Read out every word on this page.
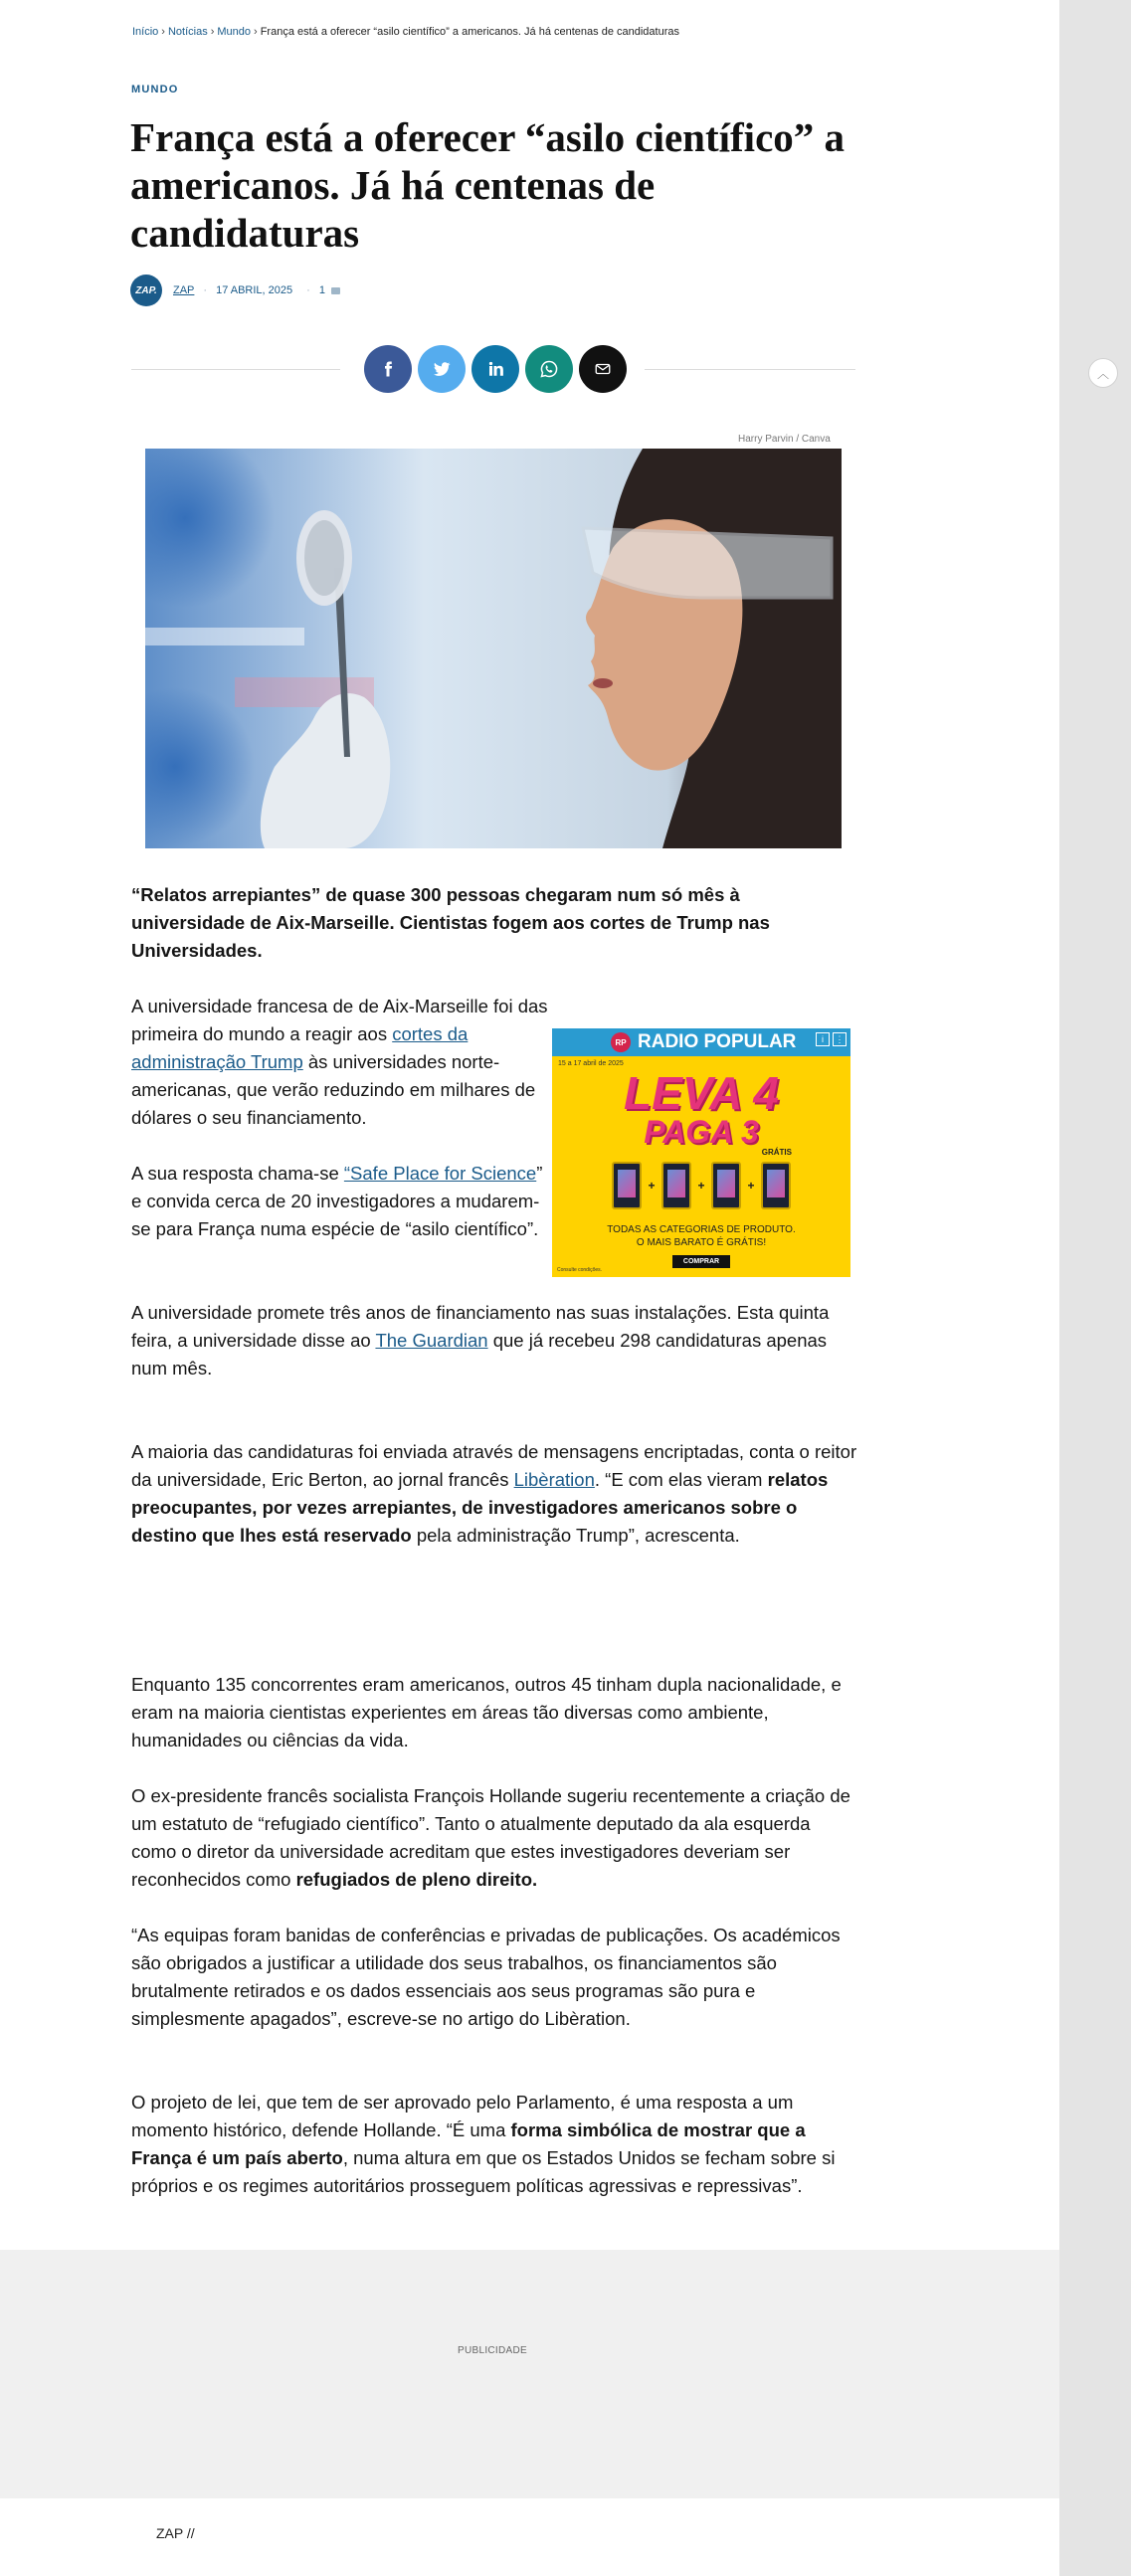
Início › Notícias › Mundo › França está a oferecer “asilo científico” a americanos. Já há centenas de candidaturas
MUNDO
França está a oferecer “asilo científico” a americanos. Já há centenas de candidaturas
ZAP.	ZAP · 17 ABRIL, 2025 · 1
Harry Parvin / Canva

“Relatos arrepiantes” de quase 300 pessoas chegaram num só mês à universidade de Aix-Marseille. Cientistas fogem aos cortes de Trump nas Universidades.

A universidade francesa de de Aix-Marseille foi das primeira do mundo a reagir aos cortes da administração Trump às universidades norte-americanas, que verão reduzindo em milhares de dólares o seu financiamento.

A sua resposta chama-se “Safe Place for Science” e convida cerca de 20 investigadores a mudarem-se para França numa espécie de “asilo científico”.

A universidade promete três anos de financiamento nas suas instalações. Esta quinta feira, a universidade disse ao The Guardian que já recebeu 298 candidaturas apenas num mês.

A maioria das candidaturas foi enviada através de mensagens encriptadas, conta o reitor da universidade, Eric Berton, ao jornal francês Libèration. “E com elas vieram relatos preocupantes, por vezes arrepiantes, de investigadores americanos sobre o destino que lhes está reservado pela administração Trump”, acrescenta.

Enquanto 135 concorrentes eram americanos, outros 45 tinham dupla nacionalidade, e eram na maioria cientistas experientes em áreas tão diversas como ambiente, humanidades ou ciências da vida.

O ex-presidente francês socialista François Hollande sugeriu recentemente a criação de um estatuto de “refugiado científico”. Tanto o atualmente deputado da ala esquerda como o diretor da universidade acreditam que estes investigadores deveriam ser reconhecidos como refugiados de pleno direito.

“As equipas foram banidas de conferências e privadas de publicações. Os académicos são obrigados a justificar a utilidade dos seus trabalhos, os financiamentos são brutalmente retirados e os dados essenciais aos seus programas são pura e simplesmente apagados”, escreve-se no artigo do Libèration.

O projeto de lei, que tem de ser aprovado pelo Parlamento, é uma resposta a um momento histórico, defende Hollande. “É uma forma simbólica de mostrar que a França é um país aberto, numa altura em que os Estados Unidos se fecham sobre si próprios e os regimes autoritários prosseguem políticas agressivas e repressivas”.

RP RADIO POPULAR	i	⋮
15 a 17 abril de 2025
LEVA 4
PAGA 3
GRÁTIS
+	+	+
TODAS AS CATEGORIAS DE PRODUTO.
O MAIS BARATO É GRÁTIS!
COMPRAR
Consulte condições.
PUBLICIDADE
ZAP //
︿
